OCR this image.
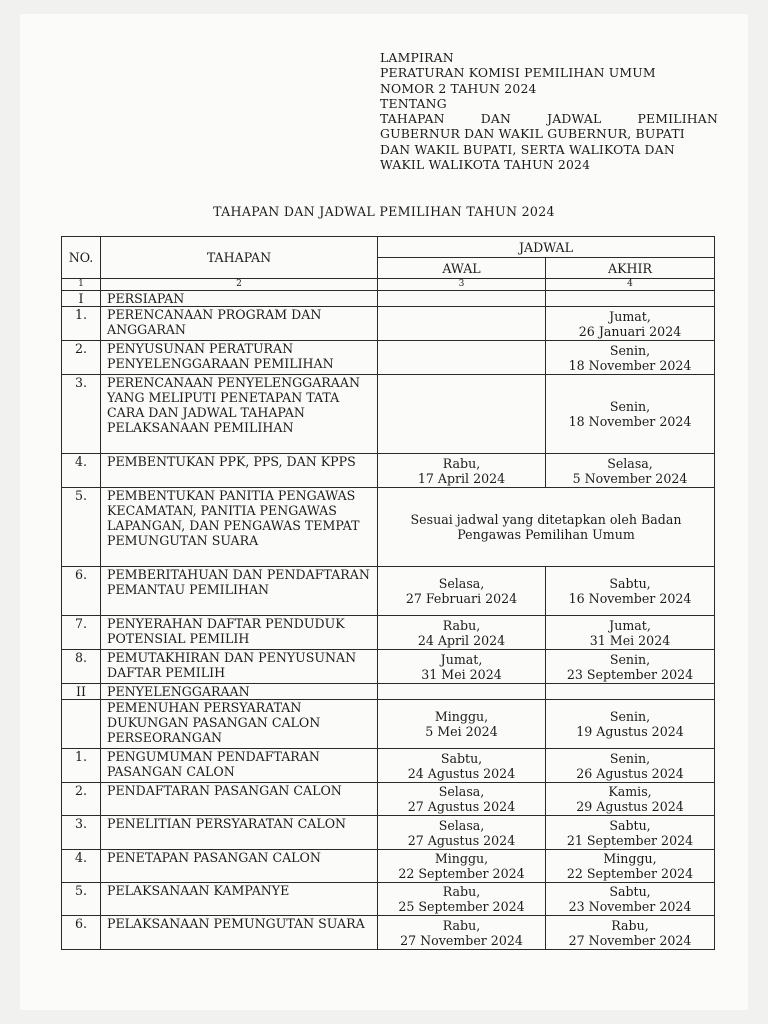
LAMPIRAN
PERATURAN KOMISI PEMILIHAN UMUM
NOMOR 2 TAHUN 2024
TENTANG
TAHAPAN DAN JADWAL PEMILIHAN
GUBERNUR DAN WAKIL GUBERNUR, BUPATI
DAN WAKIL BUPATI, SERTA WALIKOTA DAN
WAKIL WALIKOTA TAHUN 2024
TAHAPAN DAN JADWAL PEMILIHAN TAHUN 2024
NO.	TAHAPAN	JADWAL	
		AWAL	AKHIR
1	2	3	4
I	PERSIAPAN		
1.	PERENCANAAN PROGRAM DAN ANGGARAN		Jumat,
26 Januari 2024
2.	PENYUSUNAN PERATURAN PENYELENGGARAAN PEMILIHAN		Senin,
18 November 2024
3.	PERENCANAAN PENYELENGGARAAN YANG MELIPUTI PENETAPAN TATA CARA DAN JADWAL TAHAPAN PELAKSANAAN PEMILIHAN		Senin,
18 November 2024
4.	PEMBENTUKAN PPK, PPS, DAN KPPS	Rabu,
17 April 2024	Selasa,
5 November 2024
5.	PEMBENTUKAN PANITIA PENGAWAS KECAMATAN, PANITIA PENGAWAS LAPANGAN, DAN PENGAWAS TEMPAT PEMUNGUTAN SUARA	Sesuai jadwal yang ditetapkan oleh Badan Pengawas Pemilihan Umum	
6.	PEMBERITAHUAN DAN PENDAFTARAN PEMANTAU PEMILIHAN	Selasa,
27 Februari 2024	Sabtu,
16 November 2024
7.	PENYERAHAN DAFTAR PENDUDUK POTENSIAL PEMILIH	Rabu,
24 April 2024	Jumat,
31 Mei 2024
8.	PEMUTAKHIRAN DAN PENYUSUNAN DAFTAR PEMILIH	Jumat,
31 Mei 2024	Senin,
23 September 2024
II	PENYELENGGARAAN		
	PEMENUHAN PERSYARATAN DUKUNGAN PASANGAN CALON PERSEORANGAN	Minggu,
5 Mei 2024	Senin,
19 Agustus 2024
1.	PENGUMUMAN PENDAFTARAN PASANGAN CALON	Sabtu,
24 Agustus 2024	Senin,
26 Agustus 2024
2.	PENDAFTARAN PASANGAN CALON	Selasa,
27 Agustus 2024	Kamis,
29 Agustus 2024
3.	PENELITIAN PERSYARATAN CALON	Selasa,
27 Agustus 2024	Sabtu,
21 September 2024
4.	PENETAPAN PASANGAN CALON	Minggu,
22 September 2024	Minggu,
22 September 2024
5.	PELAKSANAAN KAMPANYE	Rabu,
25 September 2024	Sabtu,
23 November 2024
6.	PELAKSANAAN PEMUNGUTAN SUARA	Rabu,
27 November 2024	Rabu,
27 November 2024
